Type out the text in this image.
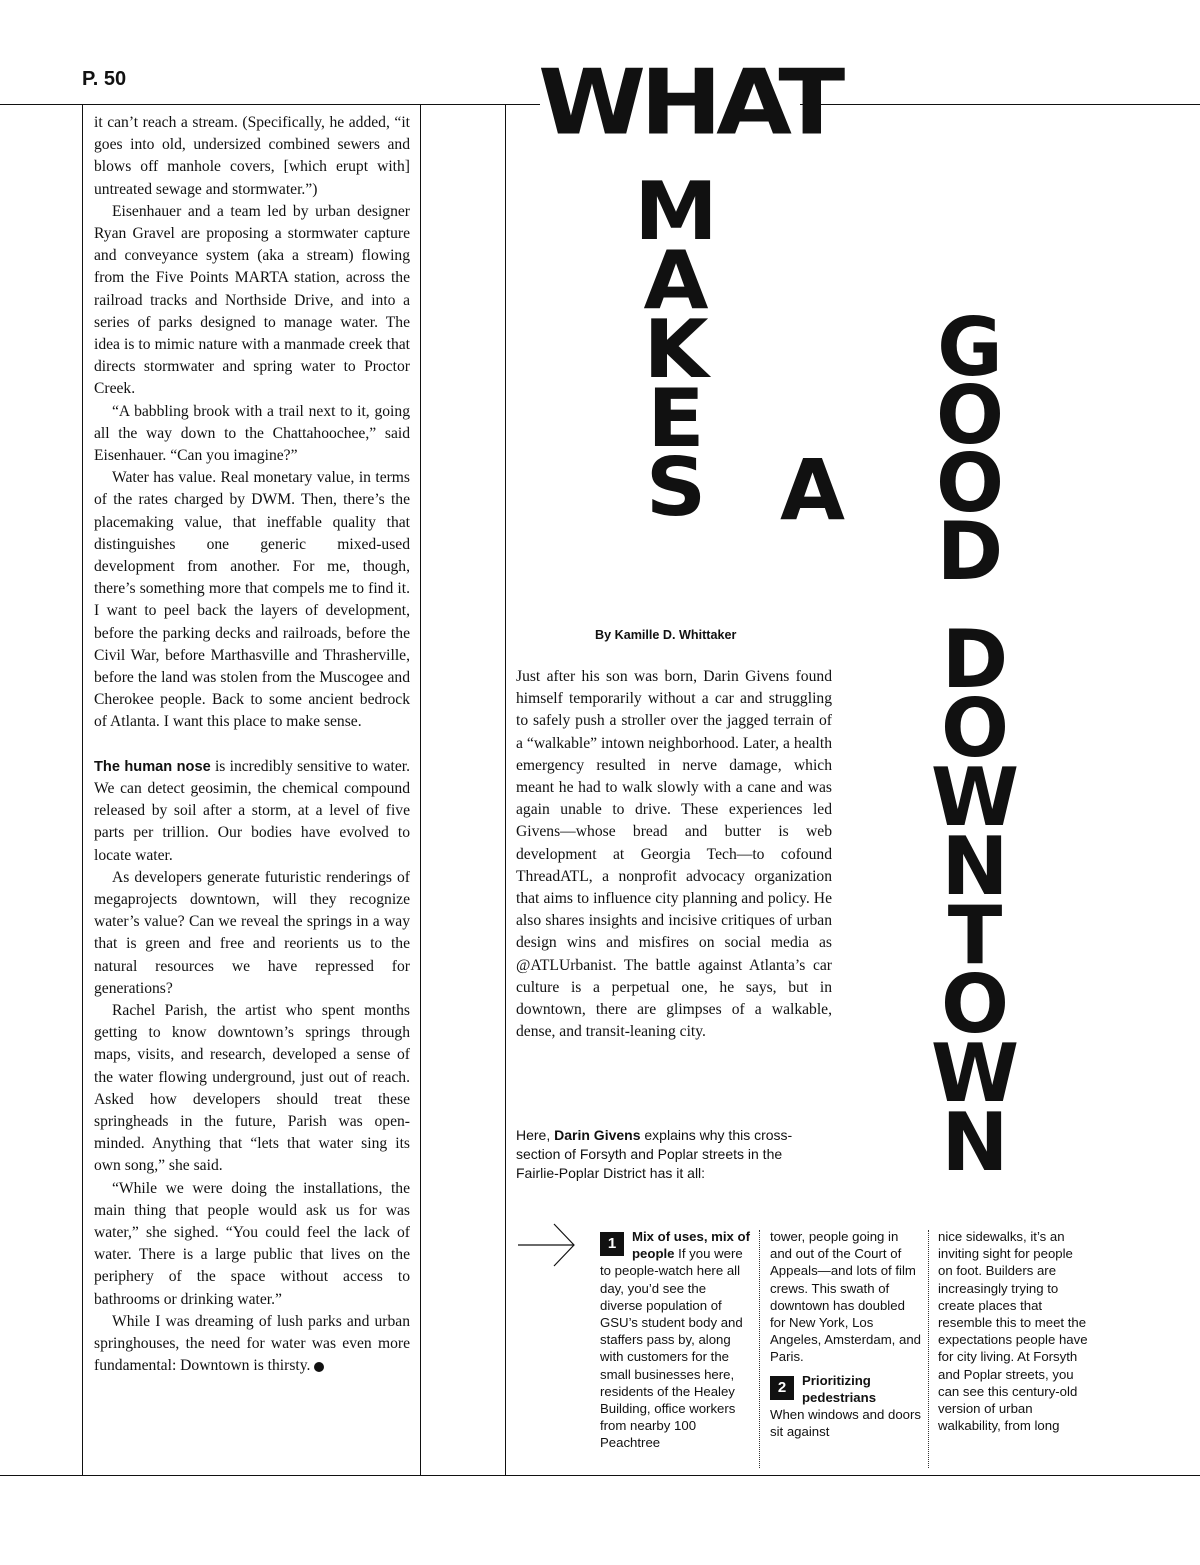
P. 50

it can’t reach a stream. (Specifically, he added, “it goes into old, undersized combined sewers and blows off manhole covers, [which erupt with] untreated sewage and stormwater.”)

Eisenhauer and a team led by urban designer Ryan Gravel are proposing a stormwater capture and conveyance system (aka a stream) flowing from the Five Points MARTA station, across the railroad tracks and Northside Drive, and into a series of parks designed to manage water. The idea is to mimic nature with a manmade creek that directs stormwater and spring water to Proctor Creek.

“A babbling brook with a trail next to it, going all the way down to the Chattahoochee,” said Eisenhauer. “Can you imagine?”

Water has value. Real monetary value, in terms of the rates charged by DWM. Then, there’s the placemaking value, that ineffable quality that distinguishes one generic mixed-used development from another. For me, though, there’s something more that compels me to find it. I want to peel back the layers of development, before the parking decks and railroads, before the Civil War, before Marthasville and Thrasherville, before the land was stolen from the Muscogee and Cherokee people. Back to some ancient bedrock of Atlanta. I want this place to make sense.

The human nose is incredibly sensitive to water. We can detect geosimin, the chemical compound released by soil after a storm, at a level of five parts per trillion. Our bodies have evolved to locate water.

As developers generate futuristic renderings of megaprojects downtown, will they recognize water’s value? Can we reveal the springs in a way that is green and free and reorients us to the natural resources we have repressed for generations?

Rachel Parish, the artist who spent months getting to know downtown’s springs through maps, visits, and research, developed a sense of the water flowing underground, just out of reach. Asked how developers should treat these springheads in the future, Parish was open-minded. Anything that “lets that water sing its own song,” she said.

“While we were doing the installations, the main thing that people would ask us for was water,” she sighed. “You could feel the lack of water. There is a large public that lives on the periphery of the space without access to bathrooms or drinking water.”

While I was dreaming of lush parks and urban springhouses, the need for water was even more fundamental: Downtown is thirsty.

WHAT
M
A
K
E
S A
G
O
O
D
D
O
W
N
T
O
W
N
By Kamille D. Whittaker

Just after his son was born, Darin Givens found himself temporarily without a car and struggling to safely push a stroller over the jagged terrain of a “walkable” intown neighborhood. Later, a health emergency resulted in nerve damage, which meant he had to walk slowly with a cane and was again unable to drive. These experiences led Givens—whose bread and butter is web development at Georgia Tech—to cofound ThreadATL, a nonprofit advocacy organization that aims to influence city planning and policy. He also shares insights and incisive critiques of urban design wins and misfires on social media as @ATLUrbanist. The battle against Atlanta’s car culture is a perpetual one, he says, but in downtown, there are glimpses of a walkable, dense, and transit-leaning city.

Here, Darin Givens explains why this cross-section of Forsyth and Poplar streets in the Fairlie-Poplar District has it all:

1	Mix of uses, mix of people If you were to people-watch here all day, you’d see the diverse population of GSU’s student body and staffers pass by, along with customers for the small businesses here, residents of the Healey Building, office workers from nearby 100 Peachtree
tower, people going in and out of the Court of Appeals—and lots of film crews. This swath of downtown has doubled for New York, Los Angeles, Amsterdam, and Paris.
2	Prioritizing pedestrians
When windows and doors sit against
nice sidewalks, it’s an inviting sight for people on foot. Builders are increasingly trying to create places that resemble this to meet the expectations people have for city living. At Forsyth and Poplar streets, you can see this century-old version of urban walkability, from long
